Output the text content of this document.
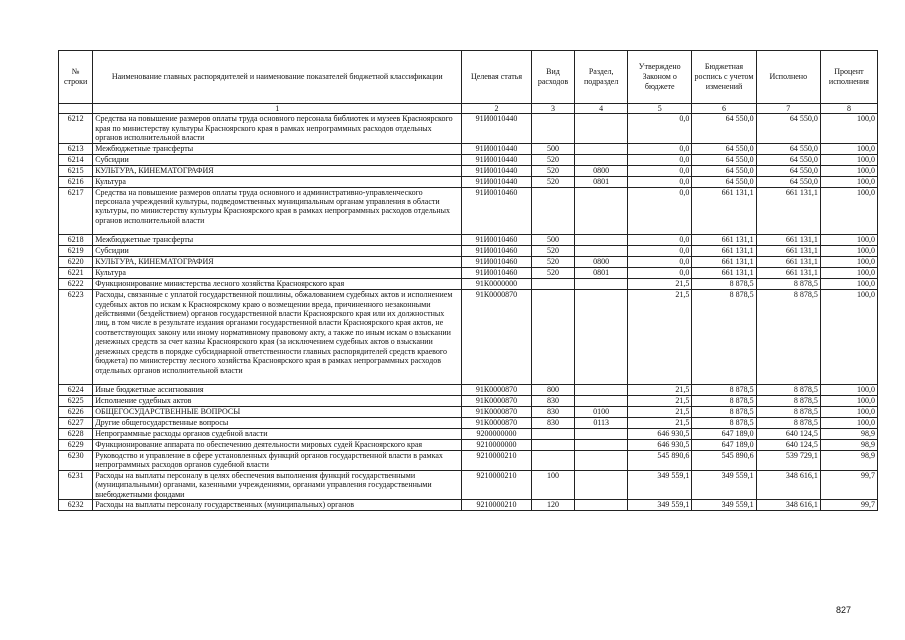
№ строки	Наименование главных распорядителей и наименование показателей бюджетной классификации	Целевая статья	Вид расходов	Раздел, подраздел	Утверждено Законом о бюджете	Бюджетная роспись с учетом изменений	Исполнено	Процент исполнения
	1	2	3	4	5	6	7	8
6212	Средства на повышение размеров оплаты труда основного персонала библиотек и музеев Красноярского края по министерству культуры Красноярского края в рамках непрограммных расходов отдельных органов исполнительной власти	91И0010440			0,0	64 550,0	64 550,0	100,0
6213	Межбюджетные трансферты	91И0010440	500		0,0	64 550,0	64 550,0	100,0
6214	Субсидии	91И0010440	520		0,0	64 550,0	64 550,0	100,0
6215	КУЛЬТУРА, КИНЕМАТОГРАФИЯ	91И0010440	520	0800	0,0	64 550,0	64 550,0	100,0
6216	Культура	91И0010440	520	0801	0,0	64 550,0	64 550,0	100,0
6217	Средства на повышение размеров оплаты труда основного и административно-управленческого персонала учреждений культуры, подведомственных муниципальным органам управления в области культуры, по министерству культуры Красноярского края в рамках непрограммных расходов отдельных органов исполнительной власти	91И0010460			0,0	661 131,1	661 131,1	100,0
6218	Межбюджетные трансферты	91И0010460	500		0,0	661 131,1	661 131,1	100,0
6219	Субсидии	91И0010460	520		0,0	661 131,1	661 131,1	100,0
6220	КУЛЬТУРА, КИНЕМАТОГРАФИЯ	91И0010460	520	0800	0,0	661 131,1	661 131,1	100,0
6221	Культура	91И0010460	520	0801	0,0	661 131,1	661 131,1	100,0
6222	Функционирование министерства лесного хозяйства Красноярского края	91К0000000			21,5	8 878,5	8 878,5	100,0
6223	Расходы, связанные с уплатой государственной пошлины, обжалованием судебных актов и исполнением судебных актов по искам к Красноярскому краю о возмещении вреда, причиненного незаконными действиями (бездействием) органов государственной власти Красноярского края или их должностных лиц, в том числе в результате издания органами государственной власти Красноярского края актов, не соответствующих закону или иному нормативному правовому акту, а также по иным искам о взыскании денежных средств за счет казны Красноярского края (за исключением судебных актов о взыскании денежных средств в порядке субсидиарной ответственности главных распорядителей средств краевого бюджета) по министерству лесного хозяйства Красноярского края в рамках непрограммных расходов отдельных органов исполнительной власти	91К0000870			21,5	8 878,5	8 878,5	100,0
6224	Иные бюджетные ассигнования	91К0000870	800		21,5	8 878,5	8 878,5	100,0
6225	Исполнение судебных актов	91К0000870	830		21,5	8 878,5	8 878,5	100,0
6226	ОБЩЕГОСУДАРСТВЕННЫЕ ВОПРОСЫ	91К0000870	830	0100	21,5	8 878,5	8 878,5	100,0
6227	Другие общегосударственные вопросы	91К0000870	830	0113	21,5	8 878,5	8 878,5	100,0
6228	Непрограммные расходы органов судебной власти	9200000000			646 930,5	647 189,0	640 124,5	98,9
6229	Функционирование аппарата по обеспечению деятельности мировых судей Красноярского края	9210000000			646 930,5	647 189,0	640 124,5	98,9
6230	Руководство и управление в сфере установленных функций органов государственной власти в рамках непрограммных расходов органов судебной власти	9210000210			545 890,6	545 890,6	539 729,1	98,9
6231	Расходы на выплаты персоналу в целях обеспечения выполнения функций государственными (муниципальными) органами, казенными учреждениями, органами управления государственными внебюджетными фондами	9210000210	100		349 559,1	349 559,1	348 616,1	99,7
6232	Расходы на выплаты персоналу государственных (муниципальных) органов	9210000210	120		349 559,1	349 559,1	348 616,1	99,7
827
